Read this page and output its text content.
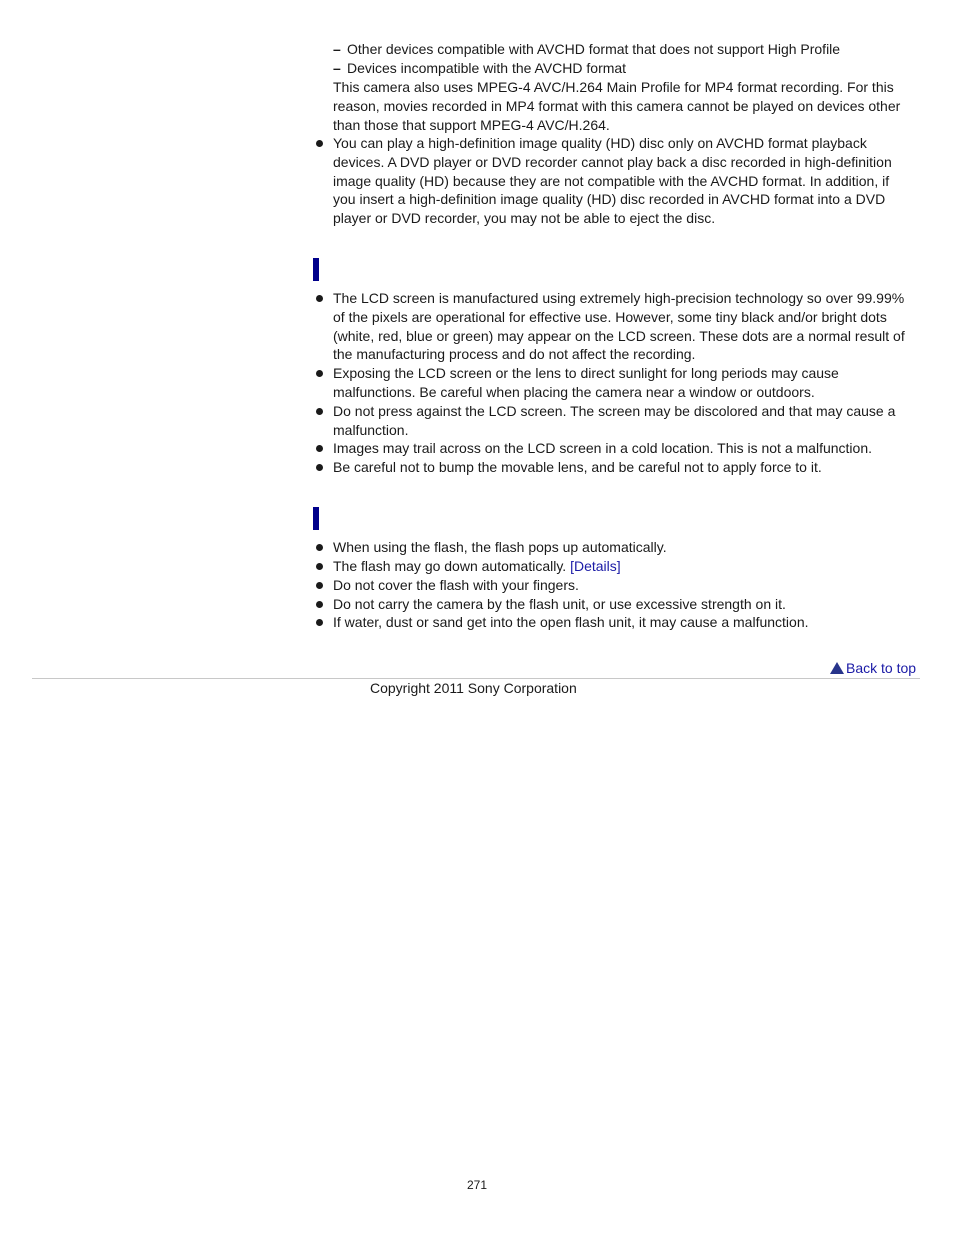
– Other devices compatible with AVCHD format that does not support High Profile
– Devices incompatible with the AVCHD format
This camera also uses MPEG-4 AVC/H.264 Main Profile for MP4 format recording. For this reason, movies recorded in MP4 format with this camera cannot be played on devices other than those that support MPEG-4 AVC/H.264.
You can play a high-definition image quality (HD) disc only on AVCHD format playback devices. A DVD player or DVD recorder cannot play back a disc recorded in high-definition image quality (HD) because they are not compatible with the AVCHD format. In addition, if you insert a high-definition image quality (HD) disc recorded in AVCHD format into a DVD player or DVD recorder, you may not be able to eject the disc.
The LCD screen is manufactured using extremely high-precision technology so over 99.99% of the pixels are operational for effective use. However, some tiny black and/or bright dots (white, red, blue or green) may appear on the LCD screen. These dots are a normal result of the manufacturing process and do not affect the recording.
Exposing the LCD screen or the lens to direct sunlight for long periods may cause malfunctions. Be careful when placing the camera near a window or outdoors.
Do not press against the LCD screen. The screen may be discolored and that may cause a malfunction.
Images may trail across on the LCD screen in a cold location. This is not a malfunction.
Be careful not to bump the movable lens, and be careful not to apply force to it.
When using the flash, the flash pops up automatically.
The flash may go down automatically. [Details]
Do not cover the flash with your fingers.
Do not carry the camera by the flash unit, or use excessive strength on it.
If water, dust or sand get into the open flash unit, it may cause a malfunction.
Back to top
Copyright 2011 Sony Corporation
271
